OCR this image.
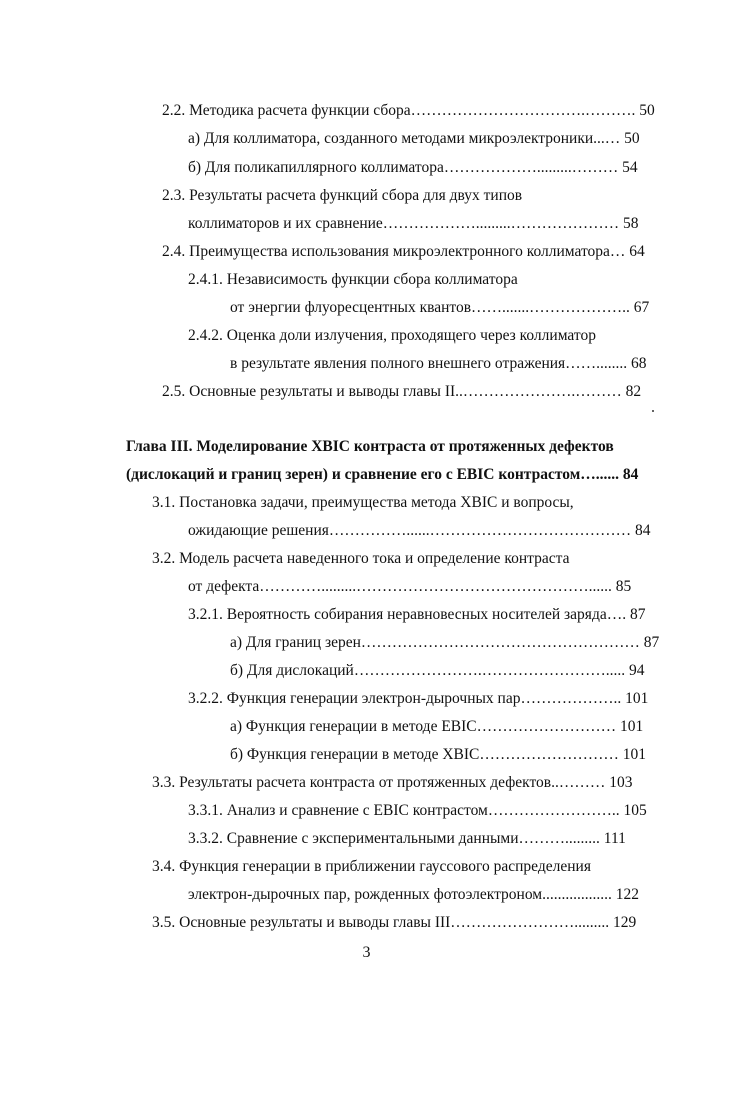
2.2. Методика расчета функции сбора…………………………….………. 50
а) Для коллиматора, созданного методами микроэлектроники...… 50
б) Для поликапиллярного коллиматора……………….........……… 54
2.3. Результаты расчета функций сбора для двух типов
коллиматоров и их сравнение……………….........………………… 58
2.4. Преимущества использования микроэлектронного коллиматора… 64
2.4.1. Независимость функции сбора коллиматора
от энергии флуоресцентных квантов…….......……………….. 67
2.4.2. Оценка доли излучения, проходящего через коллиматор
в результате явления полного внешнего отражения……........ 68
2.5. Основные результаты и выводы главы II..………………….……… 82
Глава III. Моделирование XBIC контраста от протяженных дефектов
(дислокаций и границ зерен) и сравнение его с EBIC контрастом…...... 84
3.1. Постановка задачи, преимущества метода XBIC и вопросы,
ожидающие решения……………......………………………………… 84
3.2. Модель расчета наведенного тока и определение контраста
от дефекта………….........………………………………………...... 85
3.2.1. Вероятность собирания неравновесных носителей заряда…. 87
а) Для границ зерен……………………………………………… 87
б) Для дислокаций…………………….……………………..... 94
3.2.2. Функция генерации электрон-дырочных пар……………….. 101
а) Функция генерации в методе EBIC……………………… 101
б) Функция генерации в методе XBIC……………………… 101
3.3. Результаты расчета контраста от протяженных дефектов..……… 103
3.3.1. Анализ и сравнение с EBIC контрастом…………………….. 105
3.3.2. Сравнение с экспериментальными данными………......... 111
3.4. Функция генерации в приближении гауссового распределения
электрон-дырочных пар, рожденных фотоэлектроном.................. 122
3.5. Основные результаты и выводы главы III……………………......... 129
3
